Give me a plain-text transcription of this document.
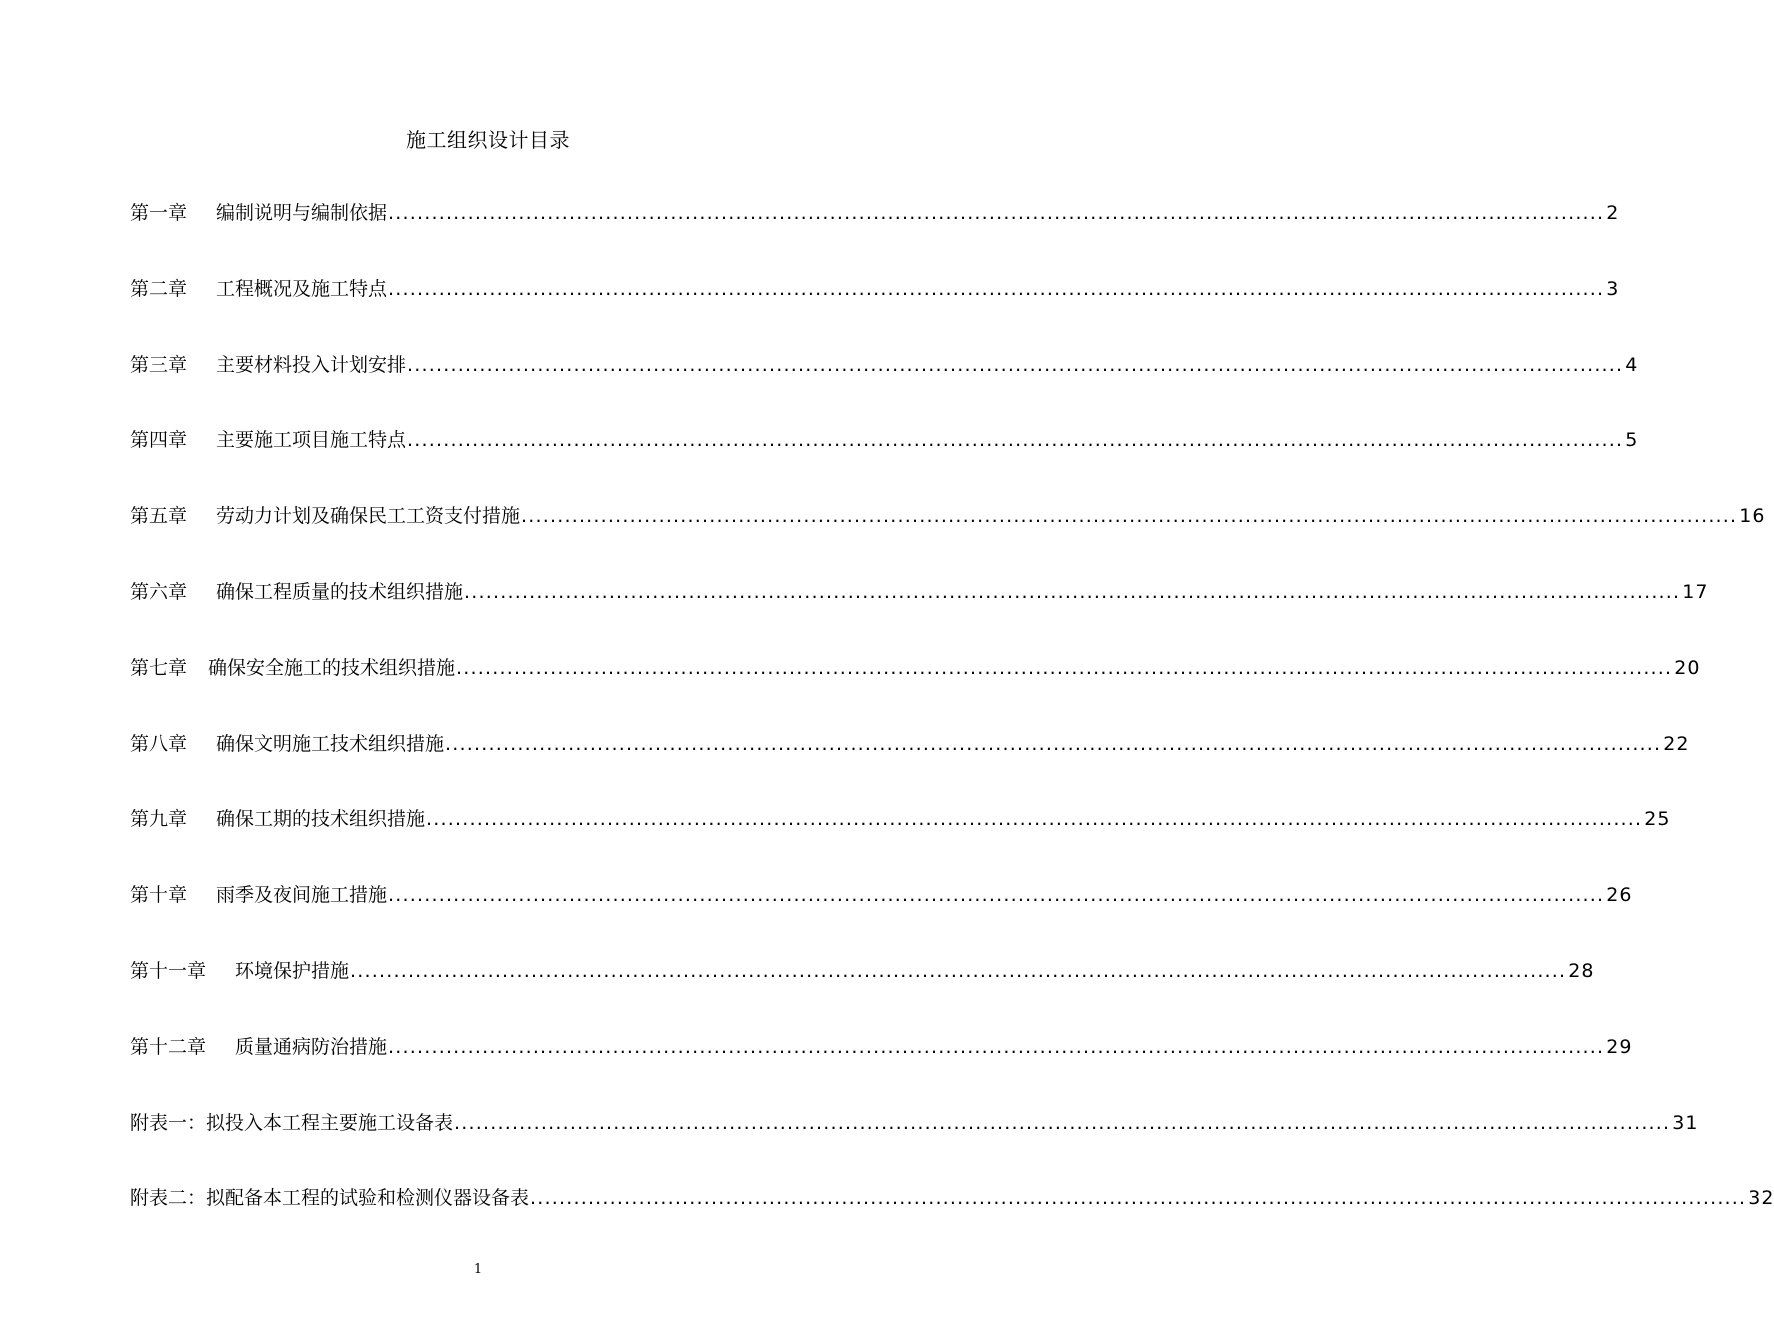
施工组织设计目录
第一章 编制说明与编制依据 ........................................................................................................................................................................ 2
第二章 工程概况及施工特点 ........................................................................................................................................................................ 3
第三章 主要材料投入计划安排 ........................................................................................................................................................................ 4
第四章 主要施工项目施工特点 ........................................................................................................................................................................ 5
第五章 劳动力计划及确保民工工资支付措施 ........................................................................................................................................................................ 16
第六章 确保工程质量的技术组织措施 ........................................................................................................................................................................ 17
第七章 确保安全施工的技术组织措施 ........................................................................................................................................................................ 20
第八章 确保文明施工技术组织措施 ........................................................................................................................................................................ 22
第九章 确保工期的技术组织措施 ........................................................................................................................................................................ 25
第十章 雨季及夜间施工措施 ........................................................................................................................................................................ 26
第十一章 环境保护措施 ........................................................................................................................................................................ 28
第十二章 质量通病防治措施 ........................................................................................................................................................................ 29
附表一： 拟投入本工程主要施工设备表 ........................................................................................................................................................................ 31
附表二： 拟配备本工程的试验和检测仪器设备表 ........................................................................................................................................................................ 32
1
